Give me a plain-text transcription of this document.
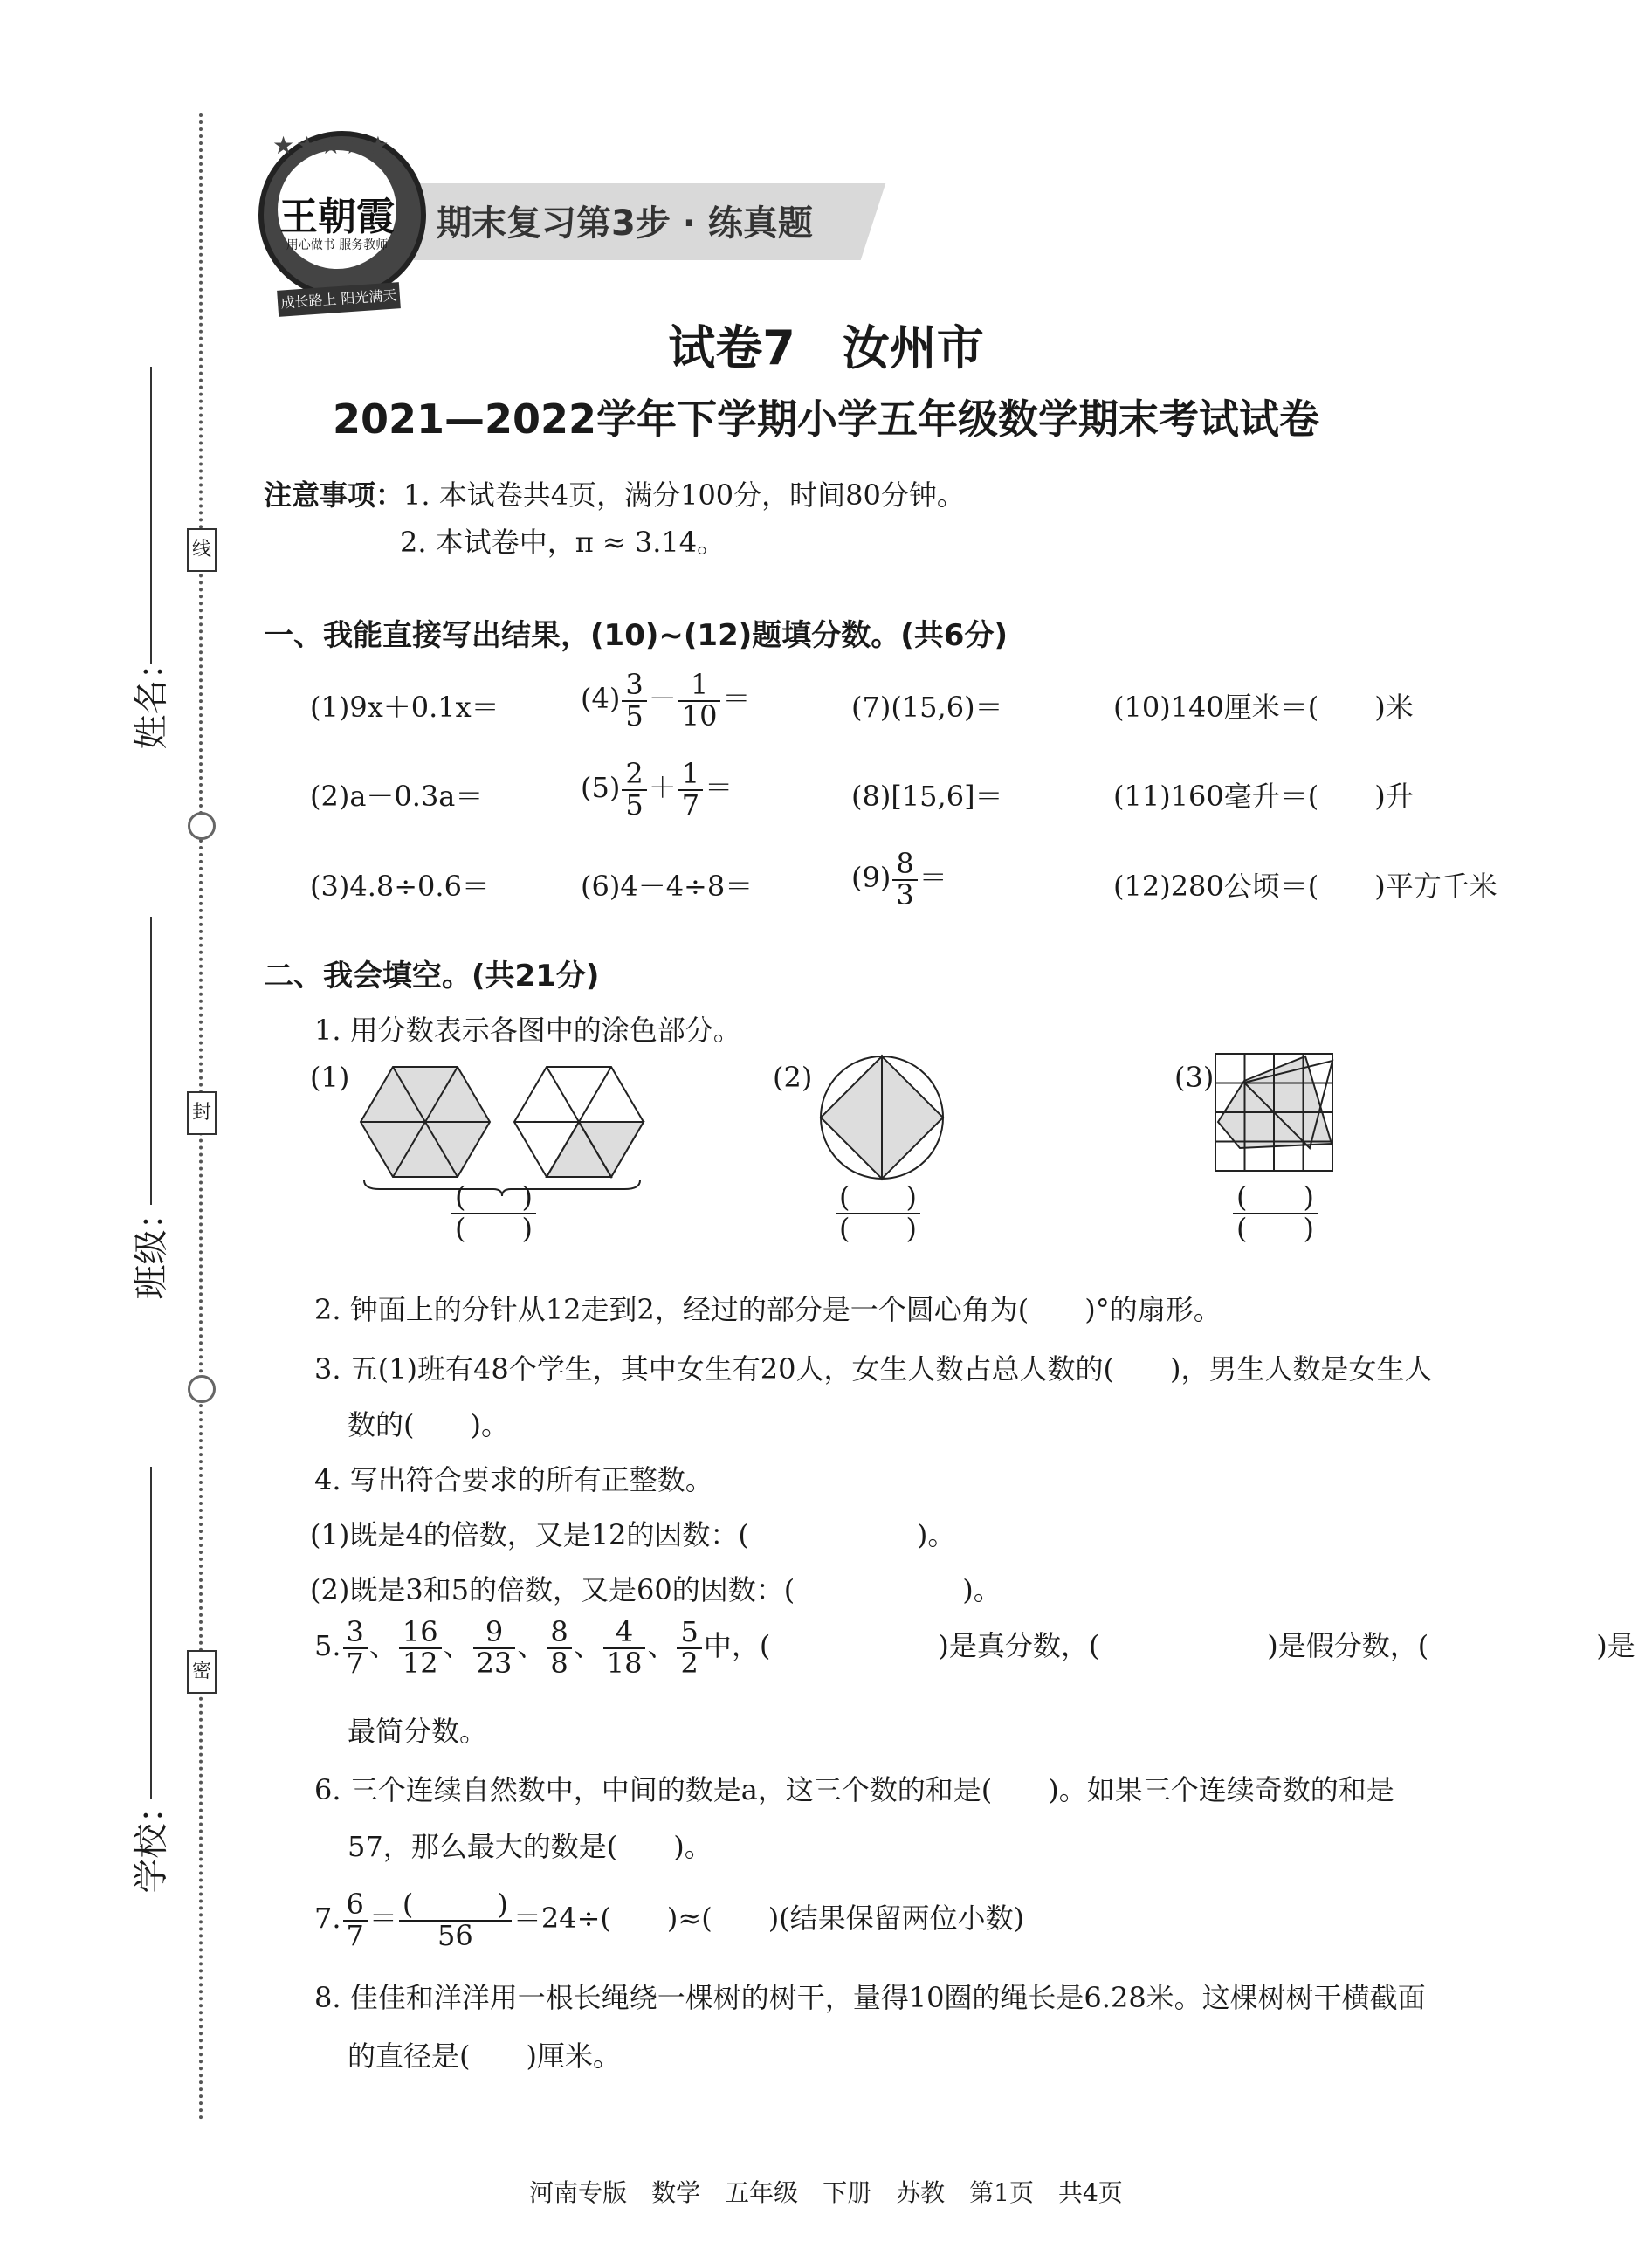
姓名：
线
班级：
封
学校：
密
期末复习第3步 · 练真题
★★★★★
王朝霞
用心做书 服务教师
成长路上 阳光满天
试卷7　汝州市
2021—2022学年下学期小学五年级数学期末考试试卷
注意事项：1. 本试卷共4页，满分100分，时间80分钟。
2. 本试卷中，π ≈ 3.14。
一、我能直接写出结果，(10)~(12)题填分数。(共6分)
(1)9x＋0.1x＝	$(4) \frac{3}{5} - \frac{1}{10}$ ＝	(7)(15,6)＝	(10)140厘米＝(　　)米
(2)a－0.3a＝	$(5) \frac{2}{5} + \frac{1}{7}$ ＝	(8)[15,6]＝	(11)160毫升＝(　　)升
(3)4.8÷0.6＝	(6)4－4÷8＝	$(9) \frac{8}{3}$ ＝	(12)280公顷＝(　　)平方千米
二、我会填空。(共21分)
1. 用分数表示各图中的涂色部分。
(1)	(2)	(3)
$\frac{( )}{( )}$	$\frac{( )}{( )}$	$\frac{( )}{( )}$
2. 钟面上的分针从12走到2，经过的部分是一个圆心角为(　　)°的扇形。
3. 五(1)班有48个学生，其中女生有20人，女生人数占总人数的(　　)，男生人数是女生人
数的(　　)。
4. 写出符合要求的所有正整数。
(1)既是4的倍数，又是12的因数：(　　　　　　)。
(2)既是3和5的倍数，又是60的因数：(　　　　　　)。
5. $\frac{3}{7}$ 、 $\frac{16}{12}$ 、 $\frac{9}{23}$ 、 $\frac{8}{8}$ 、 $\frac{4}{18}$ 、 $\frac{5}{2}$ 中，(　　　　　　)是真分数，(　　　　　　)是假分数，(　　　　　　)是
最简分数。
6. 三个连续自然数中，中间的数是a，这三个数的和是(　　)。如果三个连续奇数的和是
57，那么最大的数是(　　)。
7. $\frac{6}{7} = \frac{( )}{56} =24\div$(　　)≈(　　)(结果保留两位小数)
8. 佳佳和洋洋用一根长绳绕一棵树的树干，量得10圈的绳长是6.28米。这棵树树干横截面
的直径是(　　)厘米。
河南专版　数学　五年级　下册　苏教　第1页　共4页
